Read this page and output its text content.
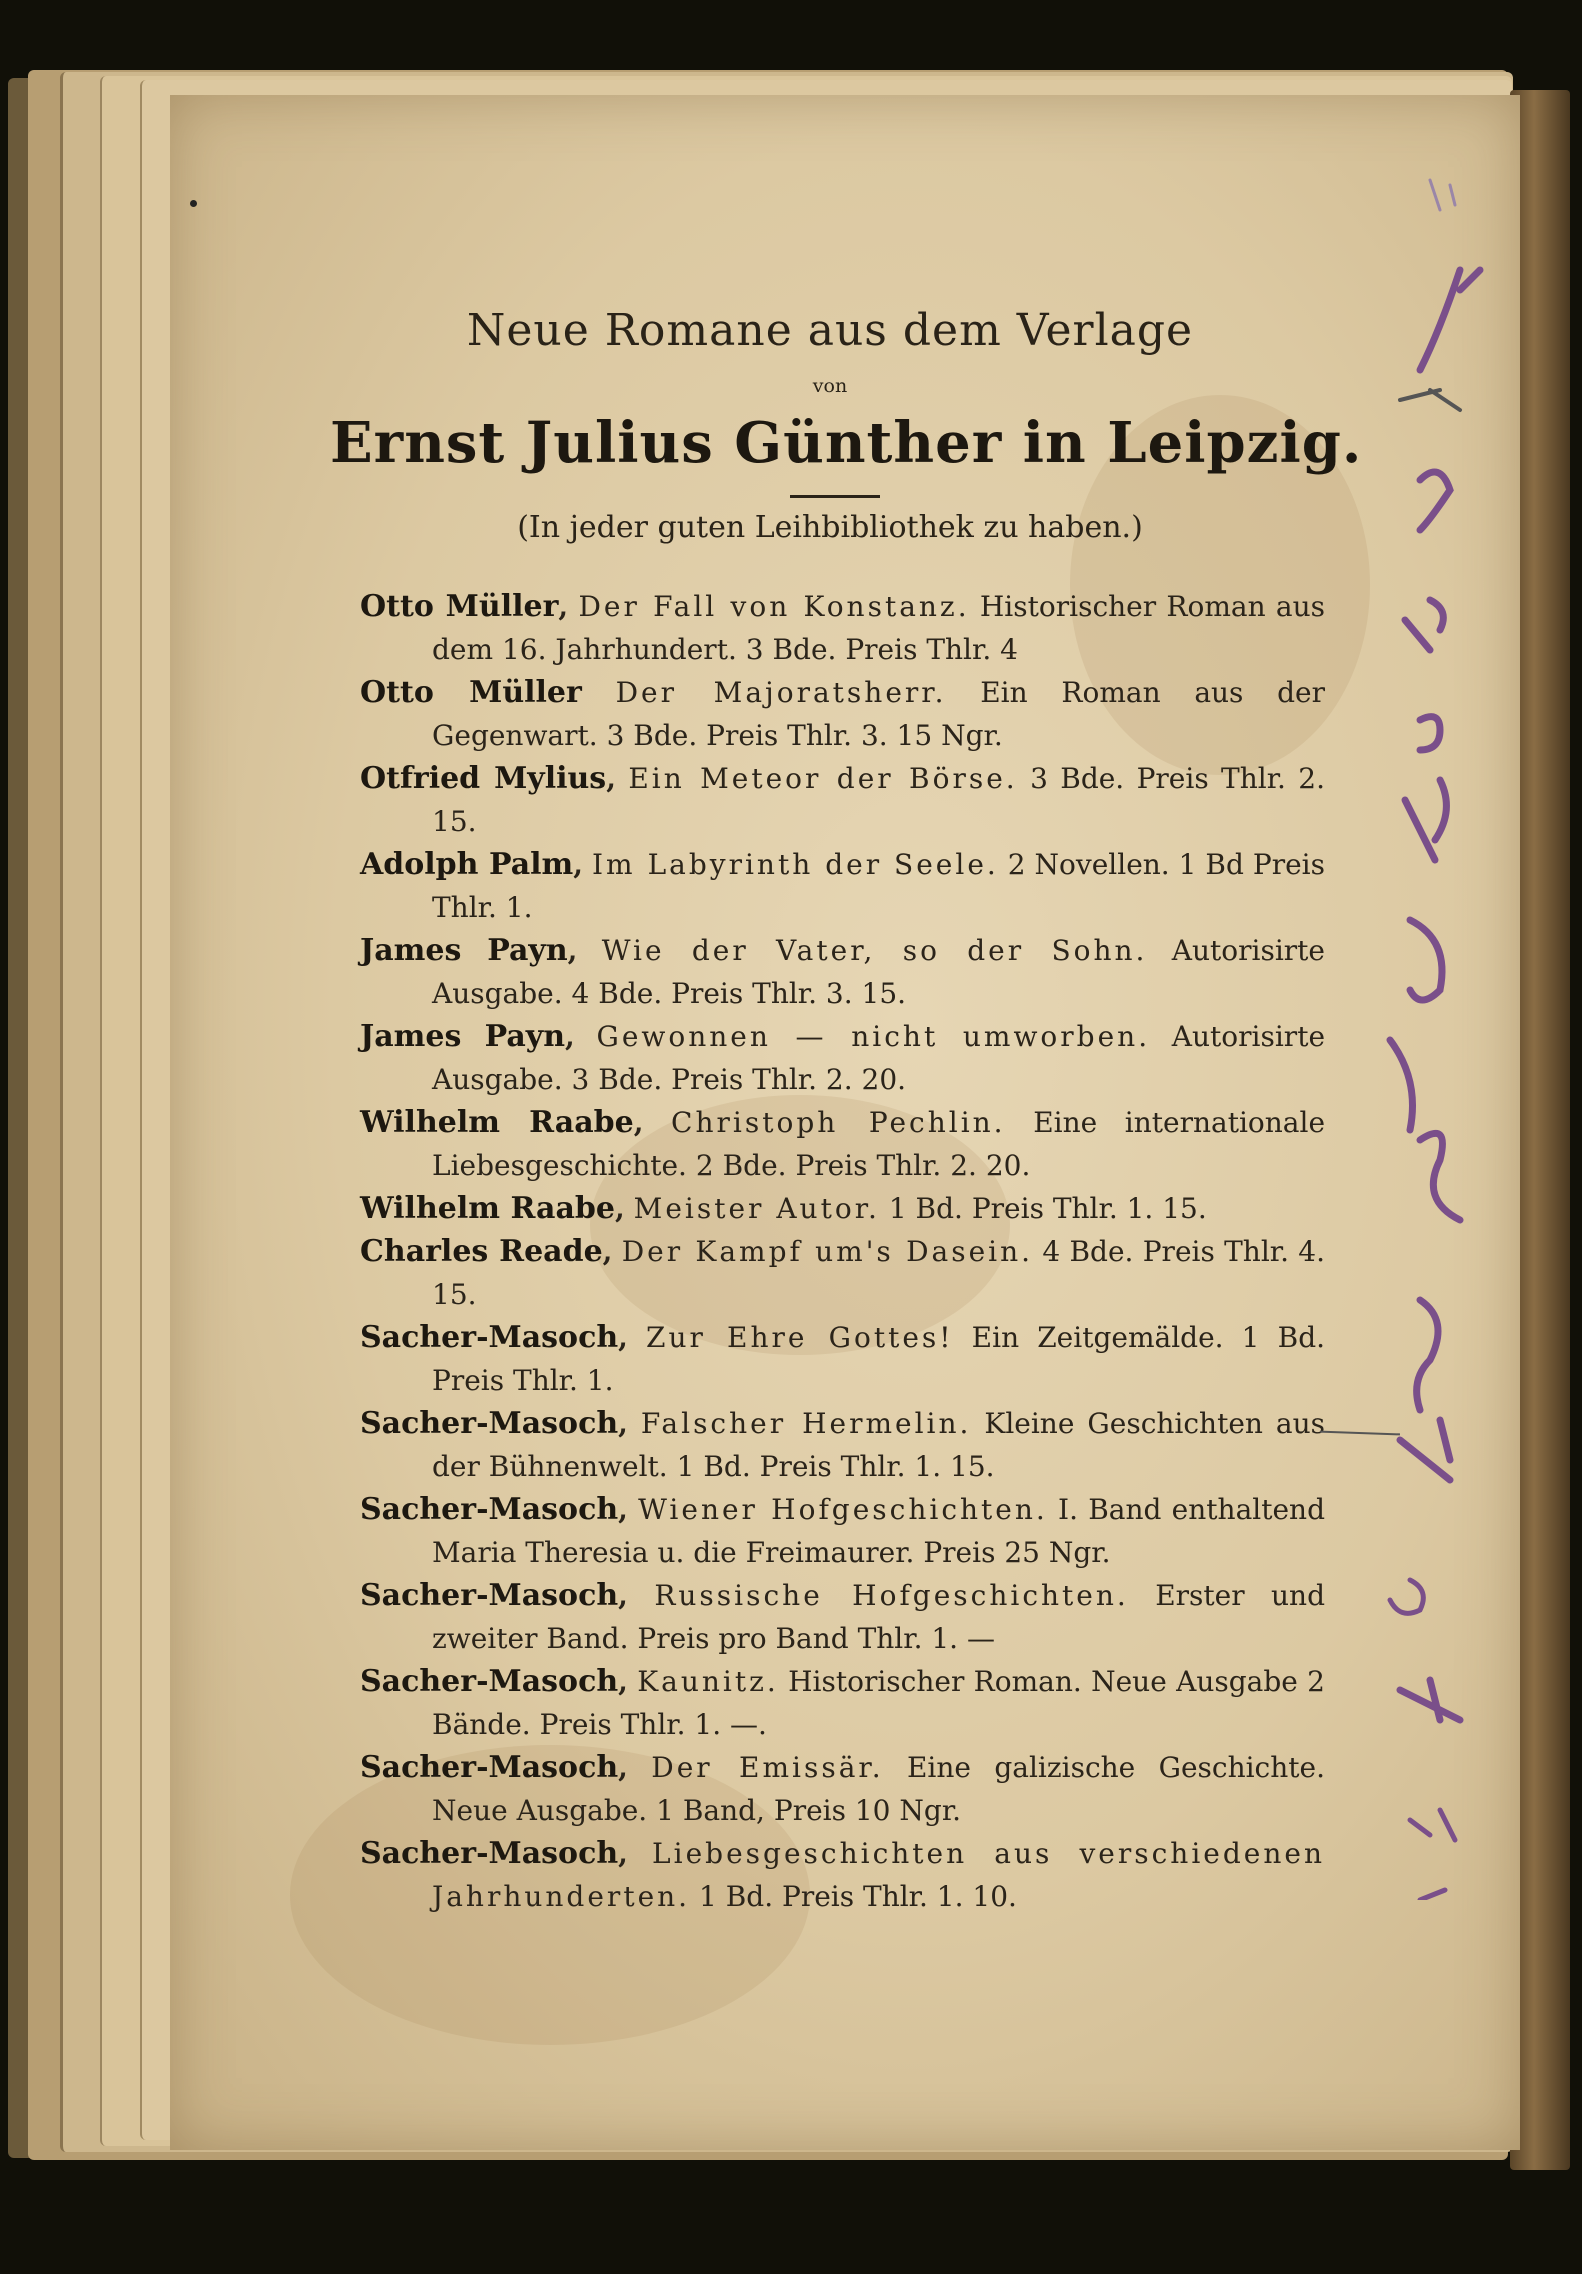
Neue Romane aus dem Verlage
von
Ernst Julius Günther in Leipzig.
(In jeder guten Leihbibliothek zu haben.)
Otto Müller, Der Fall von Konstanz. Historischer Roman aus dem 16. Jahrhundert. 3 Bde. Preis Thlr. 4
Otto Müller Der Majoratsherr. Ein Roman aus der Gegenwart. 3 Bde. Preis Thlr. 3. 15 Ngr.
Otfried Mylius, Ein Meteor der Börse. 3 Bde. Preis Thlr. 2. 15.
Adolph Palm, Im Labyrinth der Seele. 2 Novellen. 1 Bd Preis Thlr. 1.
James Payn, Wie der Vater, so der Sohn. Autorisirte Ausgabe. 4 Bde. Preis Thlr. 3. 15.
James Payn, Gewonnen — nicht umworben. Autorisirte Ausgabe. 3 Bde. Preis Thlr. 2. 20.
Wilhelm Raabe, Christoph Pechlin. Eine internationale Liebesgeschichte. 2 Bde. Preis Thlr. 2. 20.
Wilhelm Raabe, Meister Autor. 1 Bd. Preis Thlr. 1. 15.
Charles Reade, Der Kampf um's Dasein. 4 Bde. Preis Thlr. 4. 15.
Sacher-Masoch, Zur Ehre Gottes! Ein Zeitgemälde. 1 Bd. Preis Thlr. 1.
Sacher-Masoch, Falscher Hermelin. Kleine Geschichten aus der Bühnenwelt. 1 Bd. Preis Thlr. 1. 15.
Sacher-Masoch, Wiener Hofgeschichten. I. Band enthaltend Maria Theresia u. die Freimaurer. Preis 25 Ngr.
Sacher-Masoch, Russische Hofgeschichten. Erster und zweiter Band. Preis pro Band Thlr. 1. —
Sacher-Masoch, Kaunitz. Historischer Roman. Neue Ausgabe 2 Bände. Preis Thlr. 1. —.
Sacher-Masoch, Der Emissär. Eine galizische Geschichte. Neue Ausgabe. 1 Band, Preis 10 Ngr.
Sacher-Masoch, Liebesgeschichten aus verschiedenen Jahrhunderten. 1 Bd. Preis Thlr. 1. 10.
